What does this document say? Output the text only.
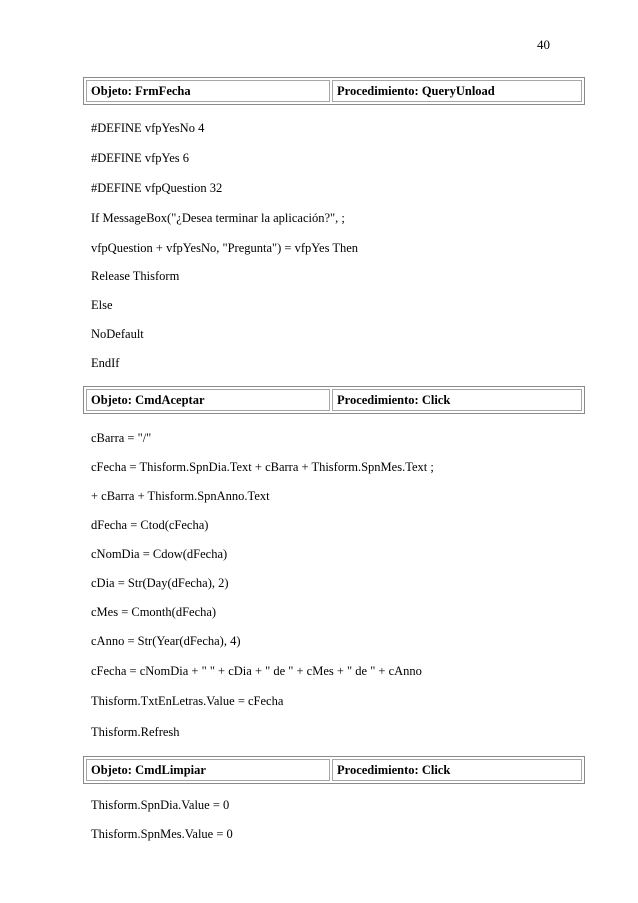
40
Objeto: FrmFecha	Procedimiento: QueryUnload
#DEFINE vfpYesNo 4
#DEFINE vfpYes 6
#DEFINE vfpQuestion 32
If MessageBox("¿Desea terminar la aplicación?", ;
vfpQuestion + vfpYesNo, "Pregunta") = vfpYes Then
Release Thisform
Else
NoDefault
EndIf
Objeto: CmdAceptar	Procedimiento: Click
cBarra = "/"
cFecha = Thisform.SpnDia.Text + cBarra + Thisform.SpnMes.Text ;
+ cBarra + Thisform.SpnAnno.Text
dFecha = Ctod(cFecha)
cNomDia = Cdow(dFecha)
cDia = Str(Day(dFecha), 2)
cMes = Cmonth(dFecha)
cAnno = Str(Year(dFecha), 4)
cFecha = cNomDia + " " + cDia + " de " + cMes + " de " + cAnno
Thisform.TxtEnLetras.Value = cFecha
Thisform.Refresh
Objeto: CmdLimpiar	Procedimiento: Click
Thisform.SpnDia.Value = 0
Thisform.SpnMes.Value = 0
